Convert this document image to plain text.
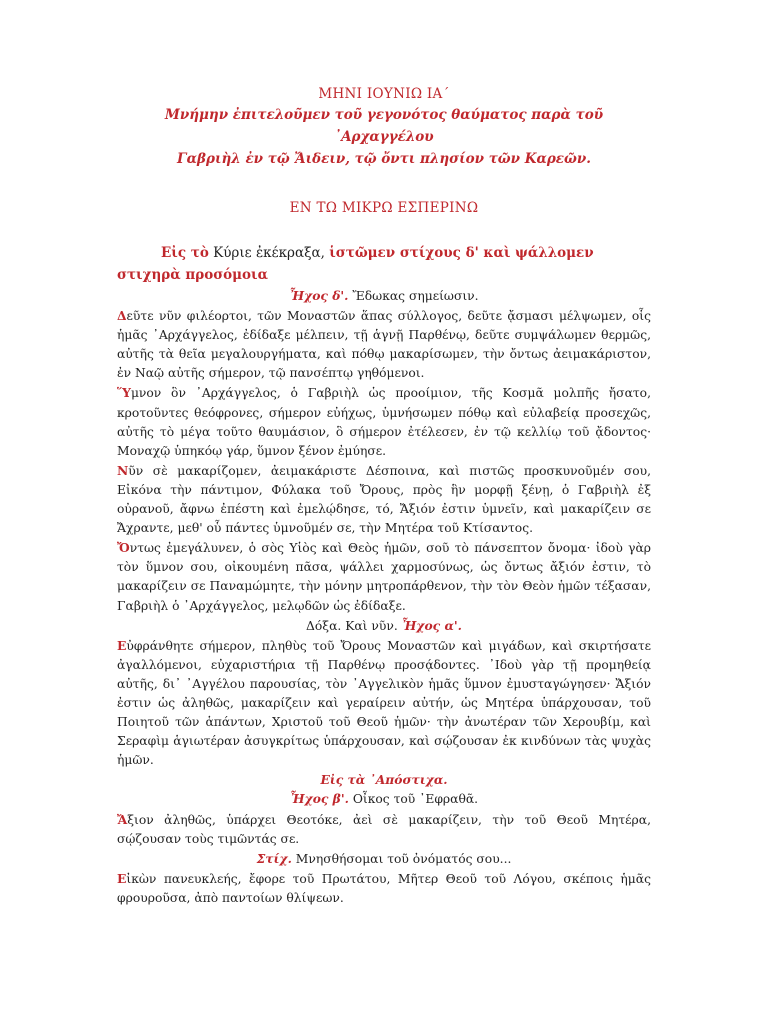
ΜΗΝΙ ΙΟΥΝΙΩ ΙΑ΄

Μνήμην ἐπιτελοῦμεν τοῦ γεγονότος θαύματος παρὰ τοῦ ᾿Αρχαγγέλου

Γαβριὴλ ἐν τῷ Ἄιδειν, τῷ ὄντι πλησίον τῶν Καρεῶν.

ΕΝ ΤΩ ΜΙΚΡΩ ΕΣΠΕΡΙΝΩ

Εἰς τὸ Κύριε ἐκέκραξα, ἱστῶμεν στίχους δ' καὶ ψάλλομεν στιχηρὰ προσόμοια

Ἦχος δ'. Ἔδωκας σημείωσιν.

Δεῦτε νῦν φιλέορτοι, τῶν Μοναστῶν ἅπας σύλλογος, δεῦτε ᾄσμασι μέλψωμεν, οἷς ἡμᾶς ᾿Αρχάγγελος, ἐδίδαξε μέλπειν, τῇ ἁγνῇ Παρθένῳ, δεῦτε συμψάλωμεν θερμῶς, αὐτῆς τὰ θεῖα μεγαλουργήματα, καὶ πόθῳ μακαρίσωμεν, τὴν ὄντως ἀειμακάριστον, ἐν Ναῷ αὐτῆς σήμερον, τῷ πανσέπτῳ γηθόμενοι.

Ὕμνον ὃν ᾿Αρχάγγελος, ὁ Γαβριὴλ ὡς προοίμιον, τῆς Κοσμᾶ μολπῆς ἤσατο, κροτοῦντες θεόφρονες, σήμερον εὐήχως, ὑμνήσωμεν πόθῳ καὶ εὐλαβείᾳ προσεχῶς, αὐτῆς τὸ μέγα τοῦτο θαυμάσιον, ὃ σήμερον ἐτέλεσεν, ἐν τῷ κελλίῳ τοῦ ᾄδοντος· Μοναχῷ ὑπηκόῳ γάρ, ὕμνον ξένον ἐμύησε.

Νῦν σὲ μακαρίζομεν, ἀειμακάριστε Δέσποινα, καὶ πιστῶς προσκυνοῦμέν σου, Εἰκόνα τὴν πάντιμον, Φύλακα τοῦ Ὄρους, πρὸς ἣν μορφῇ ξένῃ, ὁ Γαβριὴλ ἐξ οὐρανοῦ, ἄφνω ἐπέστη καὶ ἐμελῴδησε, τό, Ἄξιόν ἐστιν ὑμνεῖν, καὶ μακαρίζειν σε Ἄχραντε, μεθ' οὗ πάντες ὑμνοῦμέν σε, τὴν Μητέρα τοῦ Κτίσαντος.

Ὄντως ἐμεγάλυνεν, ὁ σὸς Υἱὸς καὶ Θεὸς ἡμῶν, σοῦ τὸ πάνσεπτον ὄνομα· ἰδοὺ γὰρ τὸν ὕμνον σου, οἰκουμένη πᾶσα, ψάλλει χαρμοσύνως, ὡς ὄντως ἄξιόν ἐστιν, τὸ μακαρίζειν σε Παναμώμητε, τὴν μόνην μητροπάρθενον, τὴν τὸν Θεὸν ἡμῶν τέξασαν, Γαβριὴλ ὁ ᾿Αρχάγγελος, μελῳδῶν ὡς ἐδίδαξε.

Δόξα. Καὶ νῦν. Ἦχος α'.

Εὐφράνθητε σήμερον, πληθὺς τοῦ Ὄρους Μοναστῶν καὶ μιγάδων, καὶ σκιρτήσατε ἀγαλλόμενοι, εὐχαριστήρια τῇ Παρθένῳ προσᾴδοντες. ᾿Ιδοὺ γὰρ τῇ προμηθείᾳ αὐτῆς, δι᾿ ᾿Αγγέλου παρουσίας, τὸν ᾿Αγγελικὸν ἡμᾶς ὕμνον ἐμυσταγώγησεν· Ἄξιόν ἐστιν ὡς ἀληθῶς, μακαρίζειν καὶ γεραίρειν αὐτήν, ὡς Μητέρα ὑπάρχουσαν, τοῦ Ποιητοῦ τῶν ἁπάντων, Χριστοῦ τοῦ Θεοῦ ἡμῶν· τὴν ἀνωτέραν τῶν Χερουβίμ, καὶ Σεραφὶμ ἁγιωτέραν ἀσυγκρίτως ὑπάρχουσαν, καὶ σῴζουσαν ἐκ κινδύνων τὰς ψυχὰς ἡμῶν.

Εἰς τὰ ᾿Απόστιχα.

Ἦχος β'. Οἶκος τοῦ ᾿Εφραθᾶ.

Ἄξιον ἀληθῶς, ὑπάρχει Θεοτόκε, ἀεὶ σὲ μακαρίζειν, τὴν τοῦ Θεοῦ Μητέρα, σῴζουσαν τοὺς τιμῶντάς σε.

Στίχ. Μνησθήσομαι τοῦ ὀνόματός σου...

Εἰκὼν πανευκλεής, ἔφορε τοῦ Πρωτάτου, Μῆτερ Θεοῦ τοῦ Λόγου, σκέποις ἡμᾶς φρουροῦσα, ἀπὸ παντοίων θλίψεων.
